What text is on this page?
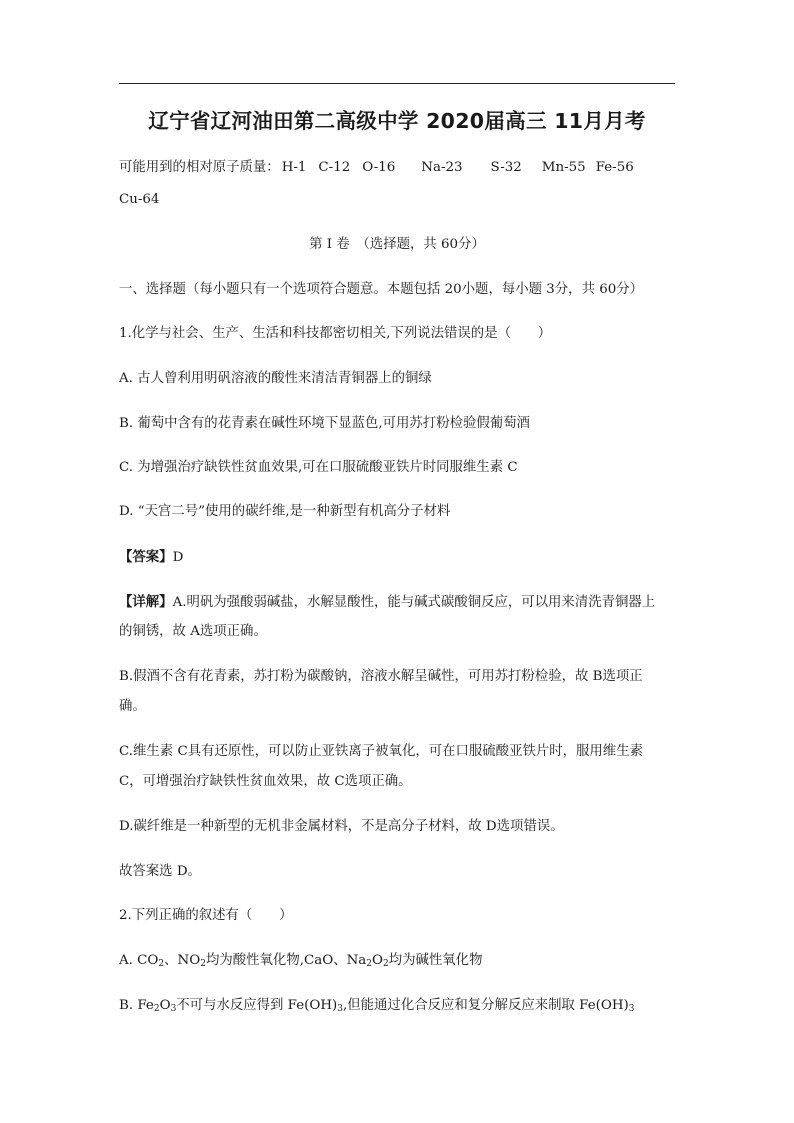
辽宁省辽河油田第二高级中学 2020届高三 11月月考
可能用到的相对原子质量： H-1 C-12 O-16 Na-23 S-32 Mn-55 Fe-56
Cu-64
第 I 卷　（选择题，共 60分）
一、选择题（每小题只有一个选项符合题意。本题包括 20小题，每小题 3分，共 60分）
1.化学与社会、生产、生活和科技都密切相关,下列说法错误的是（　　）
A. 古人曾利用明矾溶液的酸性来清洁青铜器上的铜绿
B. 葡萄中含有的花青素在碱性环境下显蓝色,可用苏打粉检验假葡萄酒
C. 为增强治疗缺铁性贫血效果,可在口服硫酸亚铁片时同服维生素 C
D. “天宫二号”使用的碳纤维,是一种新型有机高分子材料
【答案】D
【详解】A.明矾为强酸弱碱盐，水解显酸性，能与碱式碳酸铜反应，可以用来清洗青铜器上
的铜锈，故 A选项正确。
B.假酒不含有花青素，苏打粉为碳酸钠，溶液水解呈碱性，可用苏打粉检验，故 B选项正
确。
C.维生素 C具有还原性，可以防止亚铁离子被氧化，可在口服硫酸亚铁片时，服用维生素
C，可增强治疗缺铁性贫血效果，故 C选项正确。
D.碳纤维是一种新型的无机非金属材料，不是高分子材料，故 D选项错误。
故答案选 D。
2.下列正确的叙述有（　　）
A. $CO_2$、$NO_2$均为酸性氧化物,CaO、$Na_2O_2$均为碱性氧化物
B. $Fe_2O_3$不可与水反应得到 $Fe(OH)_3$,但能通过化合反应和复分解反应来制取 $Fe(OH)_3$
